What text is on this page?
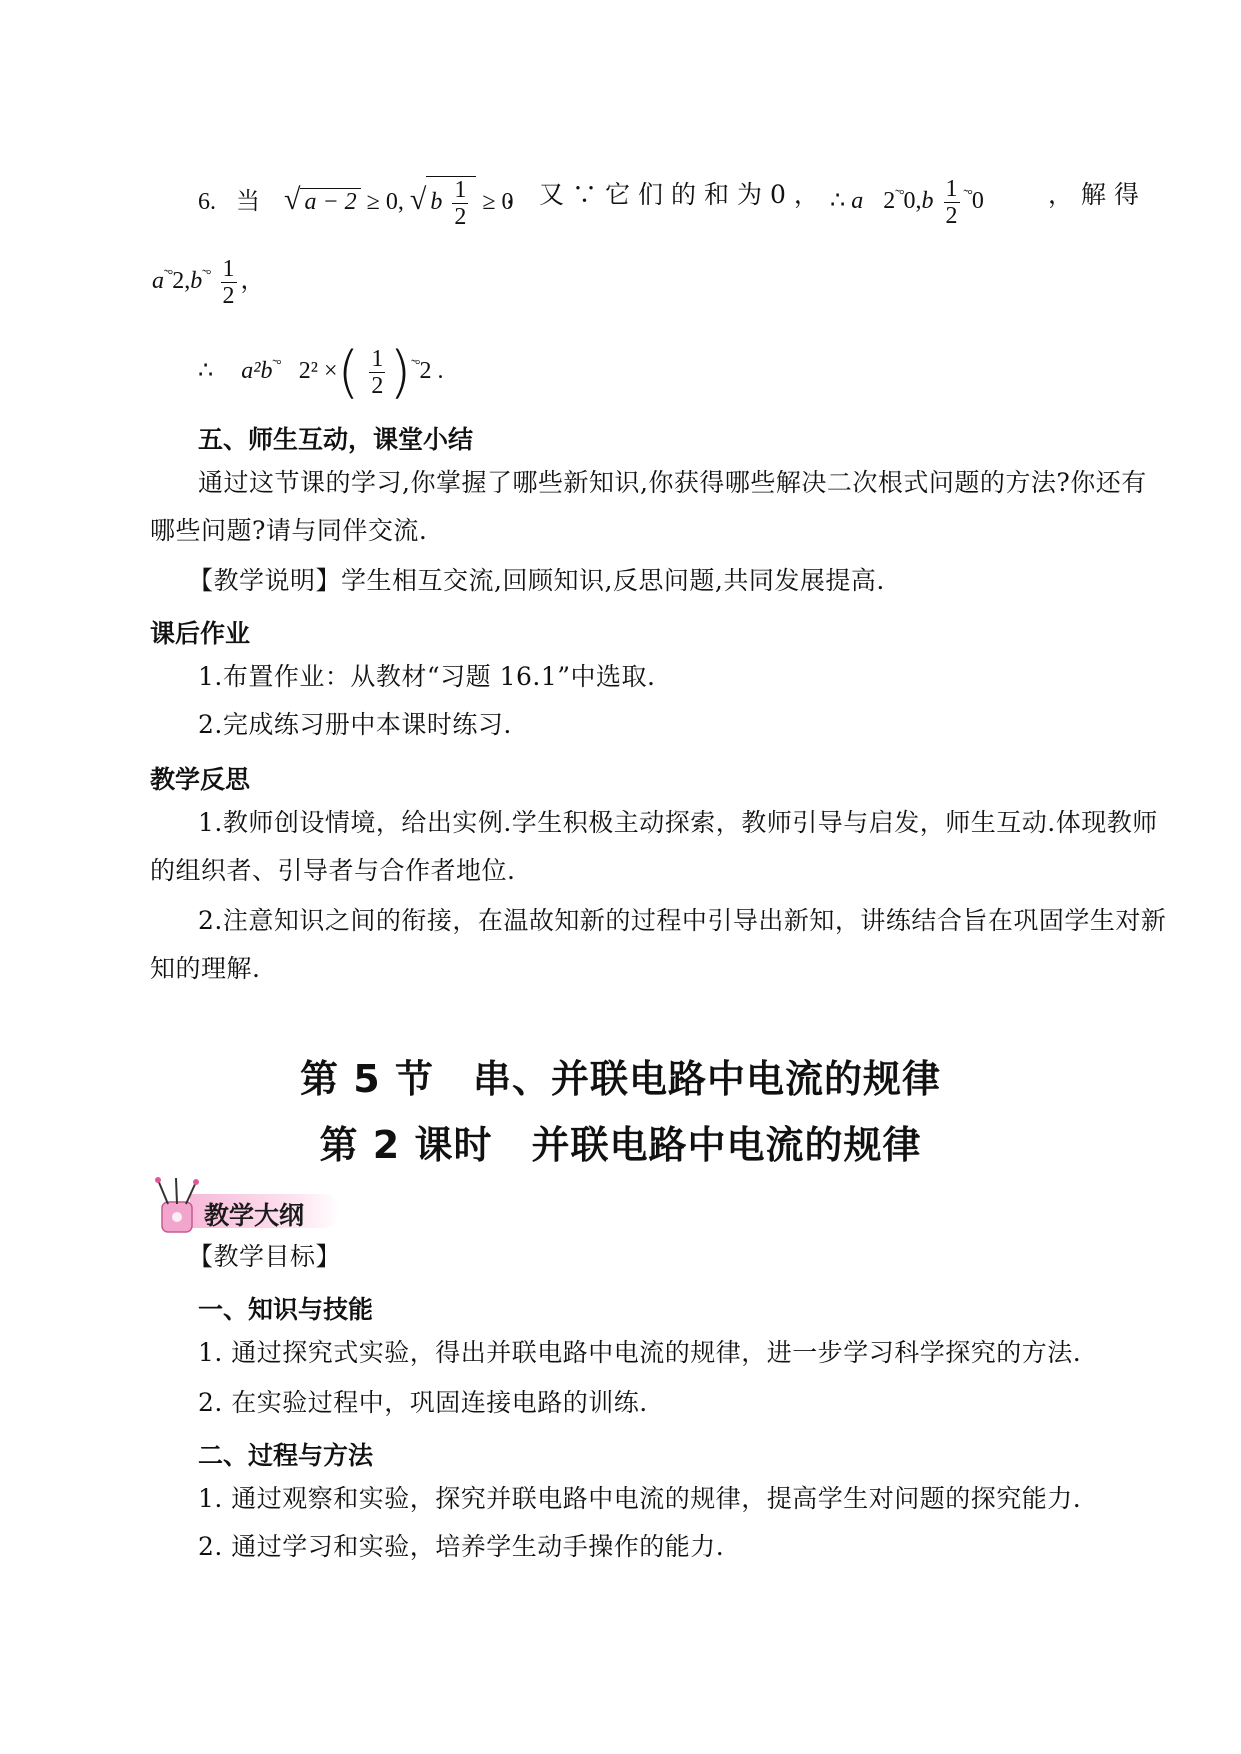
6. 当 √ a − 2 ≥ 0, √ b $\frac{1}{2} \ge 0$
，又∵它们的和为0， ∴ a $2^{˜^\circ}0,b \frac{1}{2} ^{˜^\circ}0$	，解得
$a^{˜^\circ}2,b^{˜^\circ} \frac{1}{2}$ ，
∴ a²b˜° 2² ×( $\frac{1}{2} )^{˜^\circ}2$ .
五、师生互动，课堂小结
通过这节课的学习,你掌握了哪些新知识,你获得哪些解决二次根式问题的方法?你还有
哪些问题?请与同伴交流.
【教学说明】学生相互交流,回顾知识,反思问题,共同发展提高.
课后作业
1.布置作业：从教材“习题 16.1”中选取.
2.完成练习册中本课时练习.
教学反思
1.教师创设情境，给出实例.学生积极主动探索，教师引导与启发，师生互动.体现教师
的组织者、引导者与合作者地位.
2.注意知识之间的衔接，在温故知新的过程中引导出新知，讲练结合旨在巩固学生对新
知的理解.
第 5 节　串、并联电路中电流的规律
第 2 课时　并联电路中电流的规律
教学大纲
【教学目标】
一、知识与技能
1. 通过探究式实验，得出并联电路中电流的规律，进一步学习科学探究的方法.
2. 在实验过程中，巩固连接电路的训练.
二、过程与方法
1. 通过观察和实验，探究并联电路中电流的规律，提高学生对问题的探究能力.
2. 通过学习和实验，培养学生动手操作的能力.
